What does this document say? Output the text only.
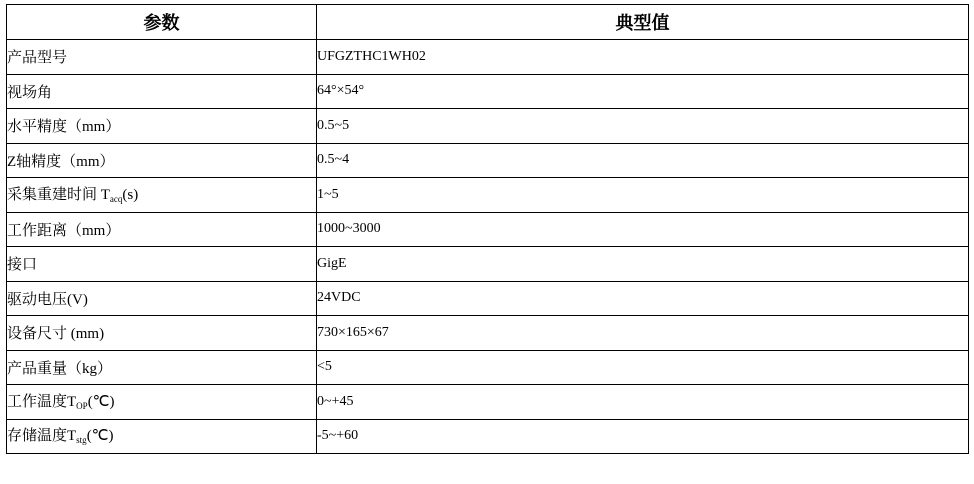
参数	典型值
产品型号	UFGZTHC1WH02
视场角	64°×54°
水平精度（mm）	0.5~5
Z轴精度（mm）	0.5~4

采集重建时间 $T_{acq}(s)$	1~5
工作距离（mm）	1000~3000
接口	GigE
驱动电压(V)	24VDC
设备尺寸 (mm)	730×165×67
产品重量（kg）	<5

工作温度$T_{OP}(℃)$	0~+45

存储温度$T_{stg}(℃)$	-5~+60
